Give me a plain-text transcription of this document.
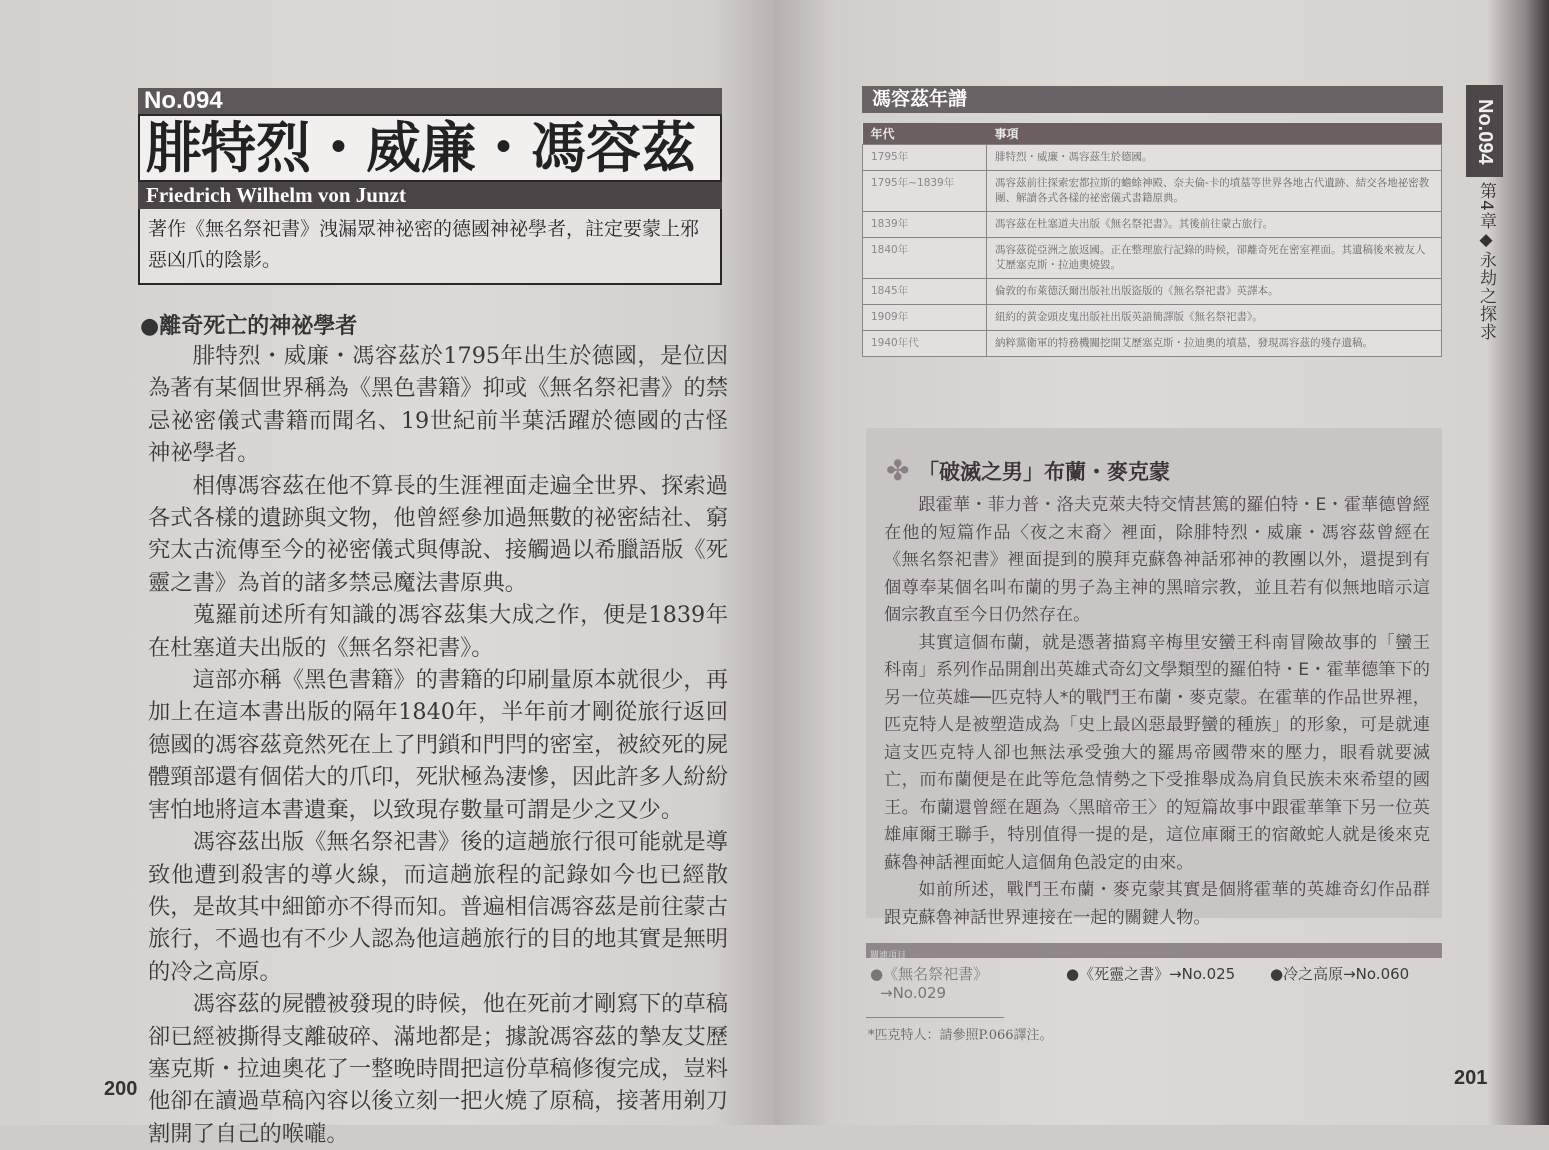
No.094
腓特烈・威廉・馮容茲
Friedrich Wilhelm von Junzt
著作《無名祭祀書》洩漏眾神祕密的德國神祕學者，註定要蒙上邪惡凶爪的陰影。
●離奇死亡的神祕學者

腓特烈・威廉・馮容茲於1795年出生於德國，是位因為著有某個世界稱為《黑色書籍》抑或《無名祭祀書》的禁忌祕密儀式書籍而聞名、19世紀前半葉活躍於德國的古怪神祕學者。

相傳馮容茲在他不算長的生涯裡面走遍全世界、探索過各式各樣的遺跡與文物，他曾經參加過無數的祕密結社、窮究太古流傳至今的祕密儀式與傳說、接觸過以希臘語版《死靈之書》為首的諸多禁忌魔法書原典。

蒐羅前述所有知識的馮容茲集大成之作，便是1839年在杜塞道夫出版的《無名祭祀書》。

這部亦稱《黑色書籍》的書籍的印刷量原本就很少，再加上在這本書出版的隔年1840年，半年前才剛從旅行返回德國的馮容茲竟然死在上了門鎖和門閂的密室，被絞死的屍體頸部還有個偌大的爪印，死狀極為淒慘，因此許多人紛紛害怕地將這本書遺棄，以致現存數量可謂是少之又少。

馮容茲出版《無名祭祀書》後的這趟旅行很可能就是導致他遭到殺害的導火線，而這趟旅程的記錄如今也已經散佚，是故其中細節亦不得而知。普遍相信馮容茲是前往蒙古旅行，不過也有不少人認為他這趟旅行的目的地其實是無明的冷之高原。

馮容茲的屍體被發現的時候，他在死前才剛寫下的草稿卻已經被撕得支離破碎、滿地都是；據說馮容茲的摯友艾歷塞克斯・拉迪奧花了一整晚時間把這份草稿修復完成，豈料他卻在讀過草稿內容以後立刻一把火燒了原稿，接著用剃刀割開了自己的喉嚨。

200
馮容茲年譜
年代	事項
1795年	腓特烈・威廉・馮容茲生於德國。
1795年~1839年	馮容茲前往探索宏都拉斯的蟾蜍神殿、奈夫倫-卡的墳墓等世界各地古代遺跡、結交各地祕密教團、解讀各式各樣的祕密儀式書籍原典。
1839年	馮容茲在杜塞道夫出版《無名祭祀書》。其後前往蒙古旅行。
1840年	馮容茲從亞洲之旅返國。正在整理旅行記錄的時候，卻離奇死在密室裡面。其遺稿後來被友人艾歷塞克斯・拉迪奧燒毀。
1845年	倫敦的布萊德沃爾出版社出版盜版的《無名祭祀書》英譯本。
1909年	紐約的黃金頭皮鬼出版社出版英語簡譯版《無名祭祀書》。
1940年代	納粹黨衛軍的特務機關挖開艾歷塞克斯・拉迪奧的墳墓，發現馮容茲的殘存遺稿。
✤ 「破滅之男」布蘭・麥克蒙

跟霍華・菲力普・洛夫克萊夫特交情甚篤的羅伯特・E・霍華德曾經在他的短篇作品〈夜之末裔〉裡面，除腓特烈・威廉・馮容茲曾經在《無名祭祀書》裡面提到的膜拜克蘇魯神話邪神的教團以外，還提到有個尊奉某個名叫布蘭的男子為主神的黑暗宗教，並且若有似無地暗示這個宗教直至今日仍然存在。

其實這個布蘭，就是憑著描寫辛梅里安蠻王科南冒險故事的「蠻王科南」系列作品開創出英雄式奇幻文學類型的羅伯特・E・霍華德筆下的另一位英雄──匹克特人*的戰鬥王布蘭・麥克蒙。在霍華的作品世界裡，匹克特人是被塑造成為「史上最凶惡最野蠻的種族」的形象，可是就連這支匹克特人卻也無法承受強大的羅馬帝國帶來的壓力，眼看就要滅亡，而布蘭便是在此等危急情勢之下受推舉成為肩負民族未來希望的國王。布蘭還曾經在題為〈黑暗帝王〉的短篇故事中跟霍華筆下另一位英雄庫爾王聯手，特別值得一提的是，這位庫爾王的宿敵蛇人就是後來克蘇魯神話裡面蛇人這個角色設定的由來。

如前所述，戰鬥王布蘭・麥克蒙其實是個將霍華的英雄奇幻作品群跟克蘇魯神話世界連接在一起的關鍵人物。

關連項目
●《無名祭祀書》
→No.029
●《死靈之書》→No.025 ●冷之高原→No.060
*匹克特人：請參照P.066譯注。
No.094
第4章◆永劫之探求
201
